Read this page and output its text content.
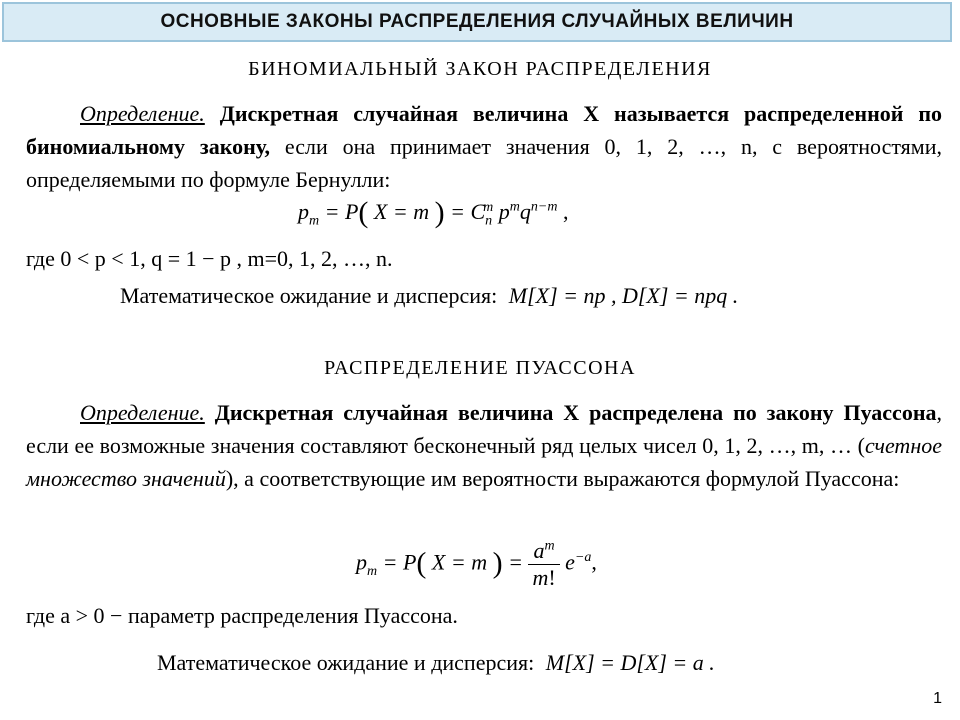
ОСНОВНЫЕ ЗАКОНЫ РАСПРЕДЕЛЕНИЯ СЛУЧАЙНЫХ ВЕЛИЧИН
БИНОМИАЛЬНЫЙ ЗАКОН РАСПРЕДЕЛЕНИЯ
Определение. Дискретная случайная величина X называется распределенной по биномиальному закону, если она принимает значения 0, 1, 2, …, n, с вероятностями, определяемыми по формуле Бернулли:
$p_m = P$( X = m ) = $C_n^m$ $p^mq^{n-m}$ ,
где 0 < p < 1, q = 1 − p , m=0, 1, 2, …, n.
Математическое ожидание и дисперсия: M[X] = np , D[X] = npq .
РАСПРЕДЕЛЕНИЕ ПУАССОНА
Определение. Дискретная случайная величина X распределена по закону Пуассона, если ее возможные значения составляют бесконечный ряд целых чисел 0, 1, 2, …, m, … (счетное множество значений), а соответствующие им вероятности выражаются формулой Пуассона:
$p_m = P$( X = m ) = $\frac{a^m}{m!} e^{-a}$,
где a > 0 − параметр распределения Пуассона.
Математическое ожидание и дисперсия: M[X] = D[X] = a .
1
